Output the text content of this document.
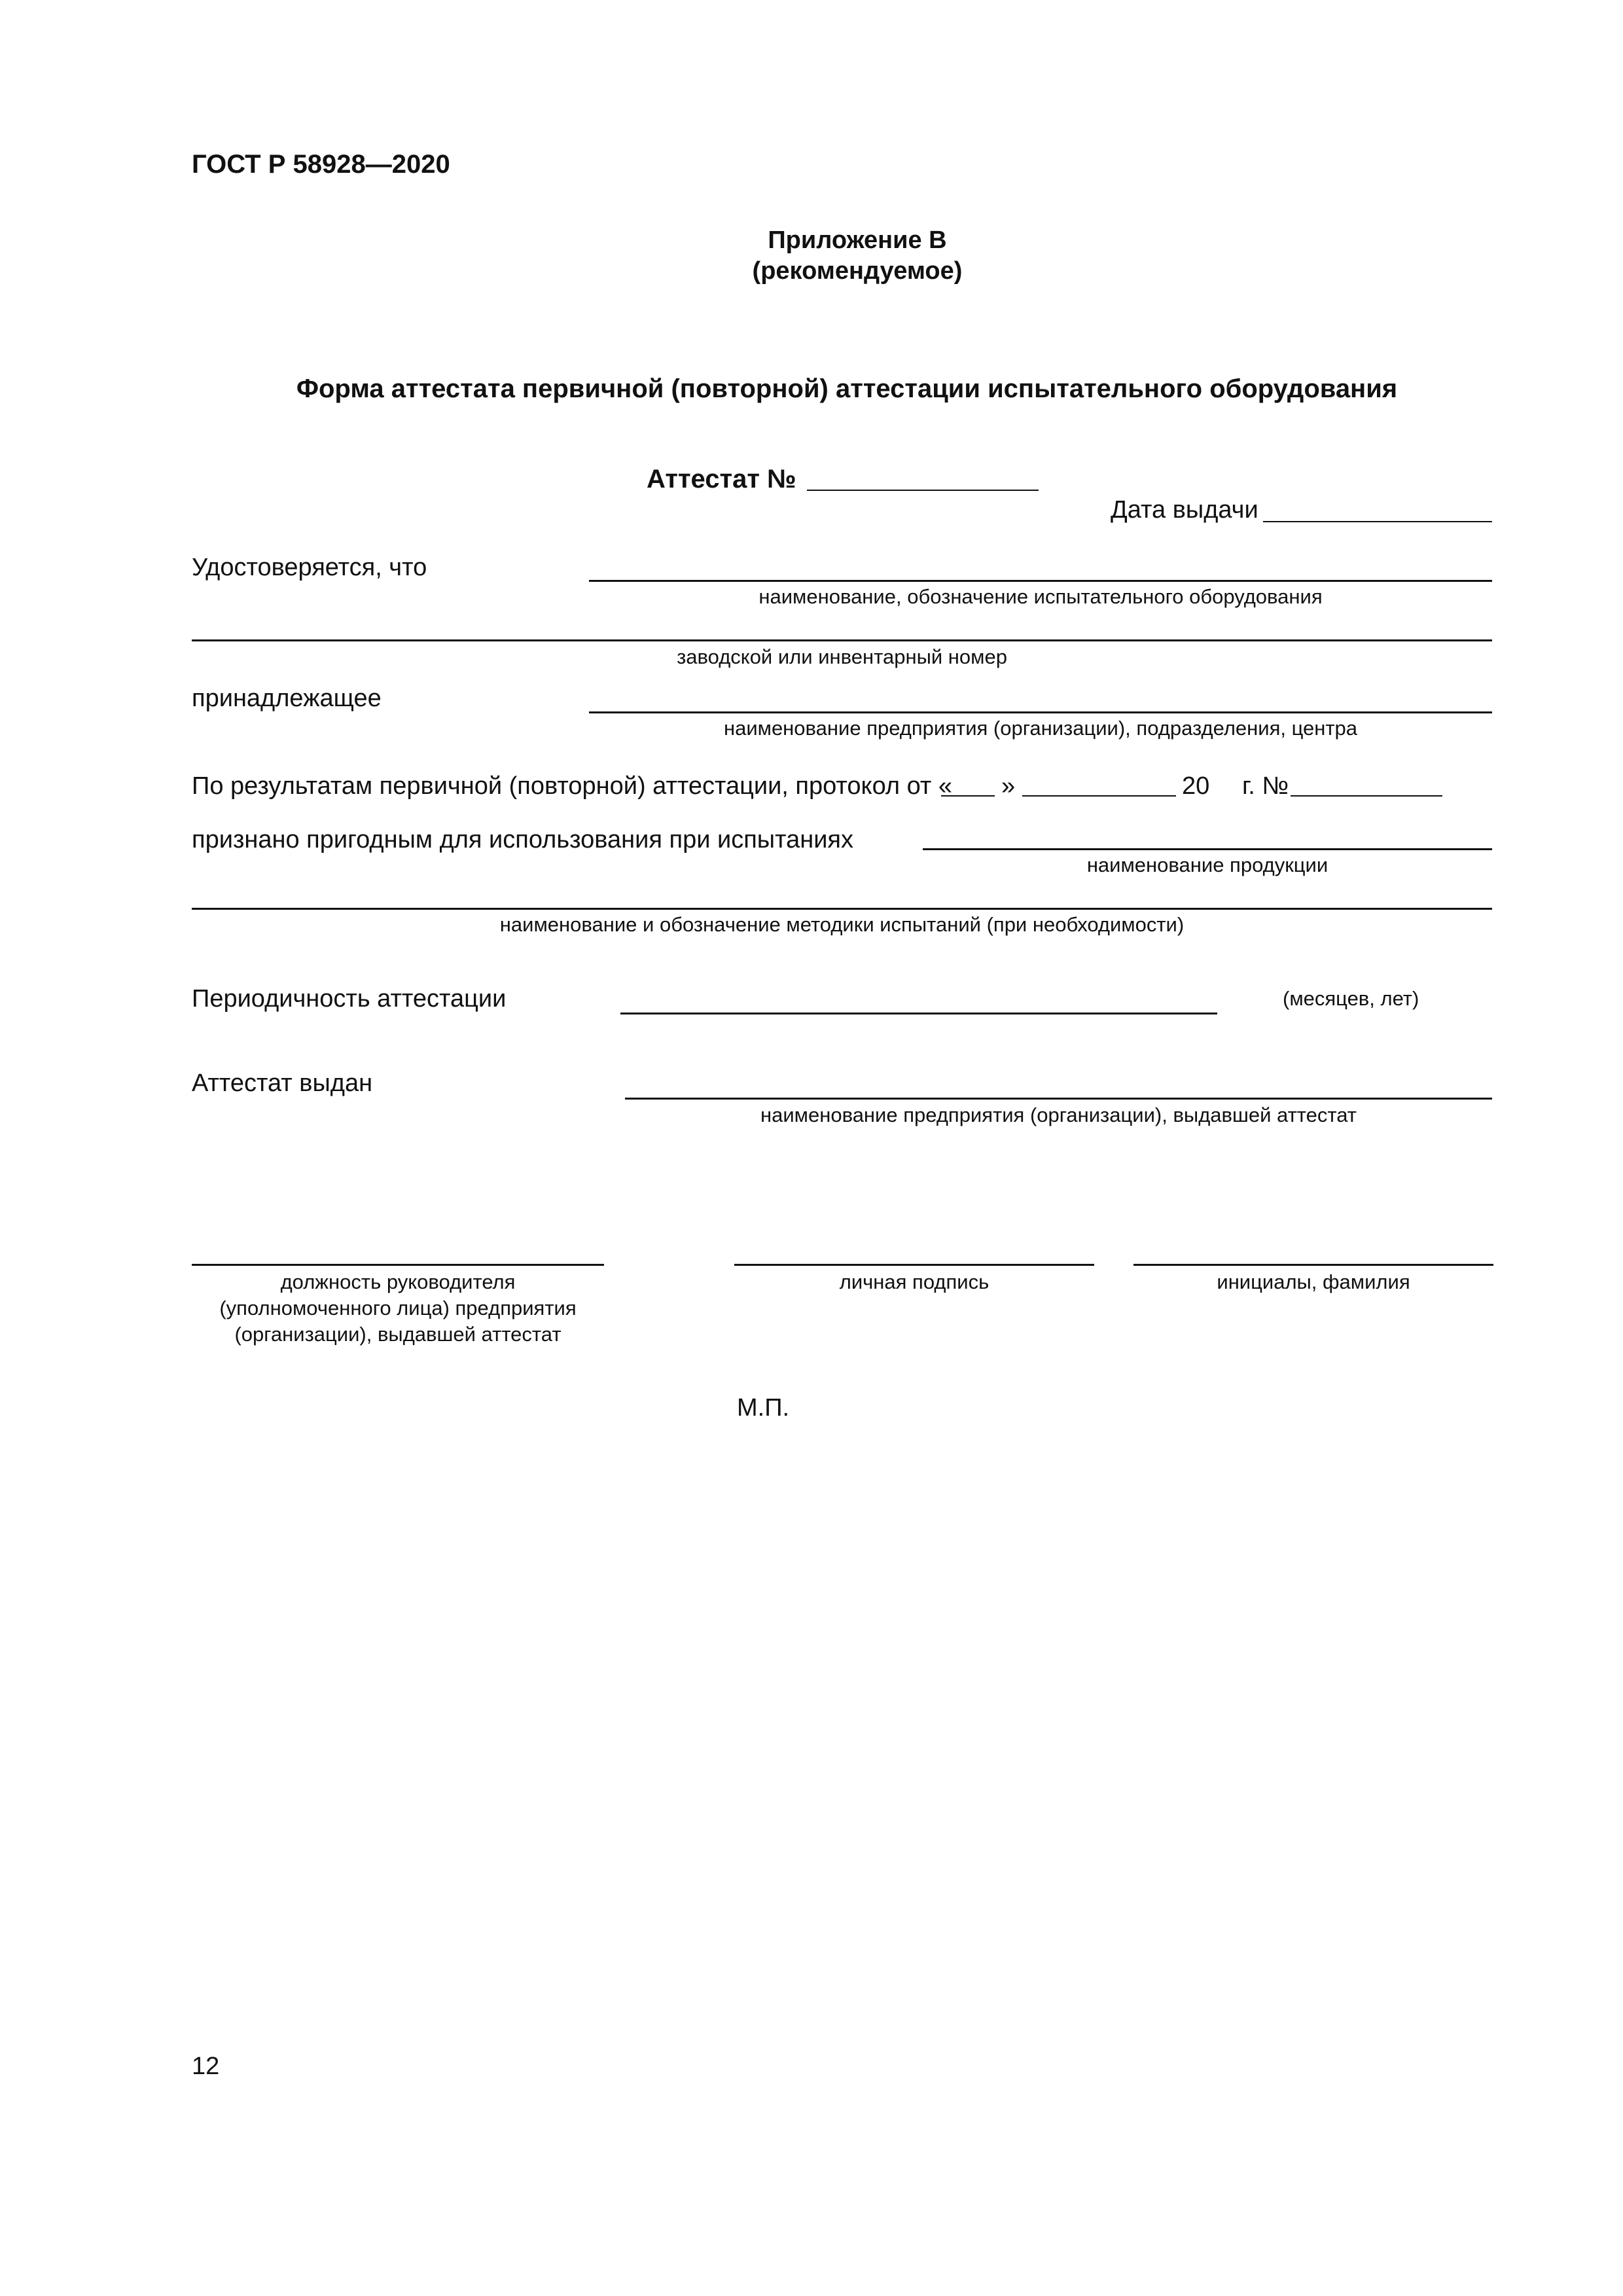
ГОСТ Р 58928—2020
Приложение В
(рекомендуемое)
Форма аттестата первичной (повторной) аттестации испытательного оборудования
Аттестат №
Дата выдачи
Удостоверяется, что
наименование, обозначение испытательного оборудования
заводской или инвентарный номер
принадлежащее
наименование предприятия (организации), подразделения, центра
По результатам первичной (повторной) аттестации, протокол от « »	20 г. №
признано пригодным для использования при испытаниях
наименование продукции
наименование и обозначение методики испытаний (при необходимости)
Периодичность аттестации	(месяцев, лет)
Аттестат выдан
наименование предприятия (организации), выдавшей аттестат
должность руководителя
(уполномоченного лица) предприятия
(организации), выдавшей аттестат
личная подпись	инициалы, фамилия
М.П.
12
